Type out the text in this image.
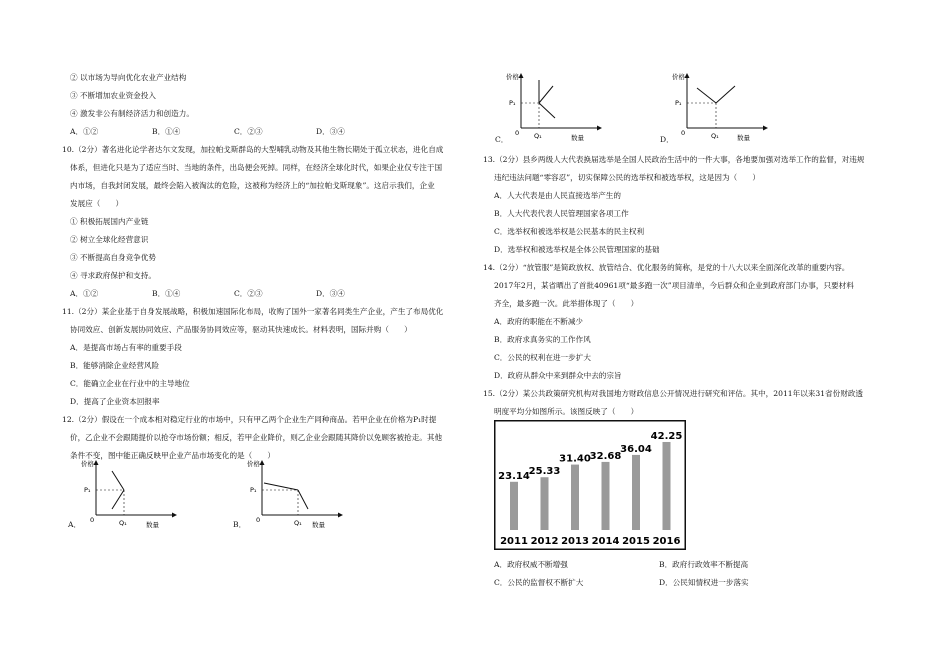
② 以市场为导向优化农业产业结构
③ 不断增加农业资金投入
④ 激发非公有制经济活力和创造力。
A．①②	B．①④	C．②③	D．③④
10.（2分）著名进化论学者达尔文发现，加拉帕戈斯群岛的大型哺乳动物及其他生物长期处于孤立状态，进化自成
体系，但进化只是为了适应当时、当地的条件，出岛便会死掉。同样，在经济全球化时代，如果企业仅专注于国
内市场，自我封闭发展，最终会陷入被淘汰的危险，这被称为经济上的“加拉帕戈斯现象”。这启示我们，企业
发展应（　　）
① 积极拓展国内产业链
② 树立全球化经营意识
③ 不断提高自身竞争优势
④ 寻求政府保护和支持。
A．①②	B．①④	C．②③	D．③④
11.（2分）某企业基于自身发展战略，积极加速国际化布局，收购了国外一家著名同类生产企业，产生了布局优化
协同效应、创新发展协同效应、产品服务协同效应等，驱动其快速成长。材料表明，国际并购（　　）
A．是提高市场占有率的重要手段
B．能够消除企业经营风险
C．能确立企业在行业中的主导地位
D．提高了企业资本回报率
12.（2分）假设在一个成本相对稳定行业的市场中，只有甲乙两个企业生产同种商品。若甲企业在价格为P₁时提
价，乙企业不会跟随提价以抢夺市场份额；相反，若甲企业降价，则乙企业会跟随其降价以免顾客被抢走。其他
条件不变，图中能正确反映甲企业产品市场变化的是（　　）
A．
价格
P₁
0	Q₁	数量	B．
价格
P₁
0	Q₁ 数量
C．
价格
P₁
0 Q₁	数量	D．
价格
P₁
0	Q₁	数量
13.（2分）县乡两级人大代表换届选举是全国人民政治生活中的一件大事，各地要加强对选举工作的监督，对违规
违纪违法问题“零容忍”，切实保障公民的选举权和被选举权，这是因为（　　）
A．人大代表是由人民直接选举产生的
B．人大代表代表人民管理国家各项工作
C．选举权和被选举权是公民基本的民主权利
D．选举权和被选举权是全体公民管理国家的基础
14.（2分）“放管服”是简政放权、放管结合、优化服务的简称，是党的十八大以来全面深化改革的重要内容。
2017年2月，某省晒出了首批40961项“最多跑一次”项目清单，今后群众和企业到政府部门办事，只要材料
齐全，最多跑一次。此举措体现了（　　）
A．政府的职能在不断减少
B．政府求真务实的工作作风
C．公民的权利在进一步扩大
D．政府从群众中来到群众中去的宗旨
15.（2分）某公共政策研究机构对我国地方财政信息公开情况进行研究和评估。其中，2011年以来31省份财政透
明度平均分如图所示。该图反映了（　　）
23.14
2011
25.33
2012
31.40
2013
32.68
2014
36.04
2015
42.25
2016
A．政府权威不断增强	B．政府行政效率不断提高
C．公民的监督权不断扩大	D．公民知情权进一步落实
